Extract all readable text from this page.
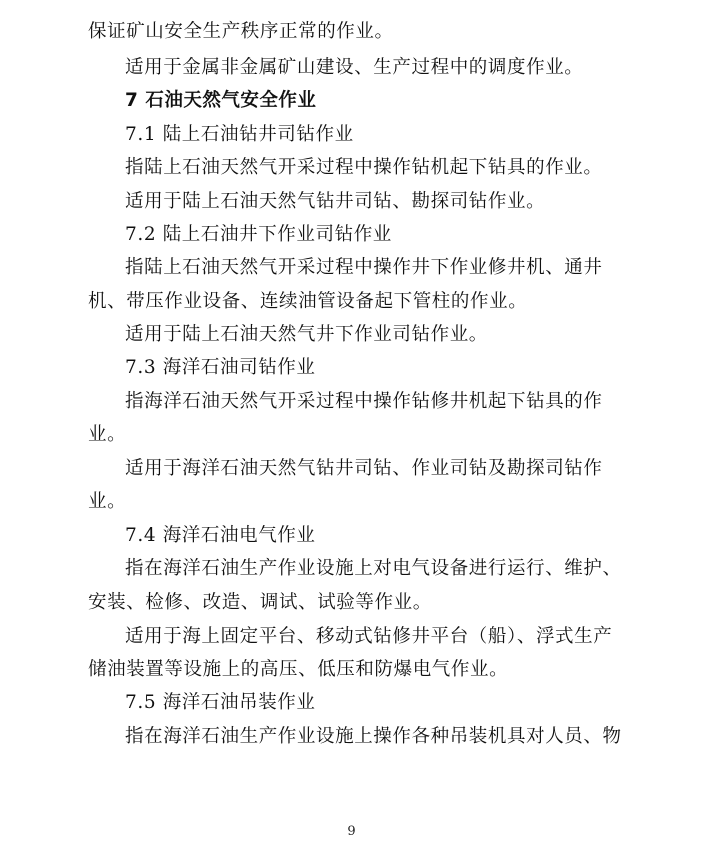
保证矿山安全生产秩序正常的作业。
适用于金属非金属矿山建设、生产过程中的调度作业。
7 石油天然气安全作业
7.1 陆上石油钻井司钻作业
指陆上石油天然气开采过程中操作钻机起下钻具的作业。
适用于陆上石油天然气钻井司钻、勘探司钻作业。
7.2 陆上石油井下作业司钻作业
指陆上石油天然气开采过程中操作井下作业修井机、通井
机、带压作业设备、连续油管设备起下管柱的作业。
适用于陆上石油天然气井下作业司钻作业。
7.3 海洋石油司钻作业
指海洋石油天然气开采过程中操作钻修井机起下钻具的作
业。
适用于海洋石油天然气钻井司钻、作业司钻及勘探司钻作
业。
7.4 海洋石油电气作业
指在海洋石油生产作业设施上对电气设备进行运行、维护、
安装、检修、改造、调试、试验等作业。
适用于海上固定平台、移动式钻修井平台（船）、浮式生产
储油装置等设施上的高压、低压和防爆电气作业。
7.5 海洋石油吊装作业
指在海洋石油生产作业设施上操作各种吊装机具对人员、物
9
